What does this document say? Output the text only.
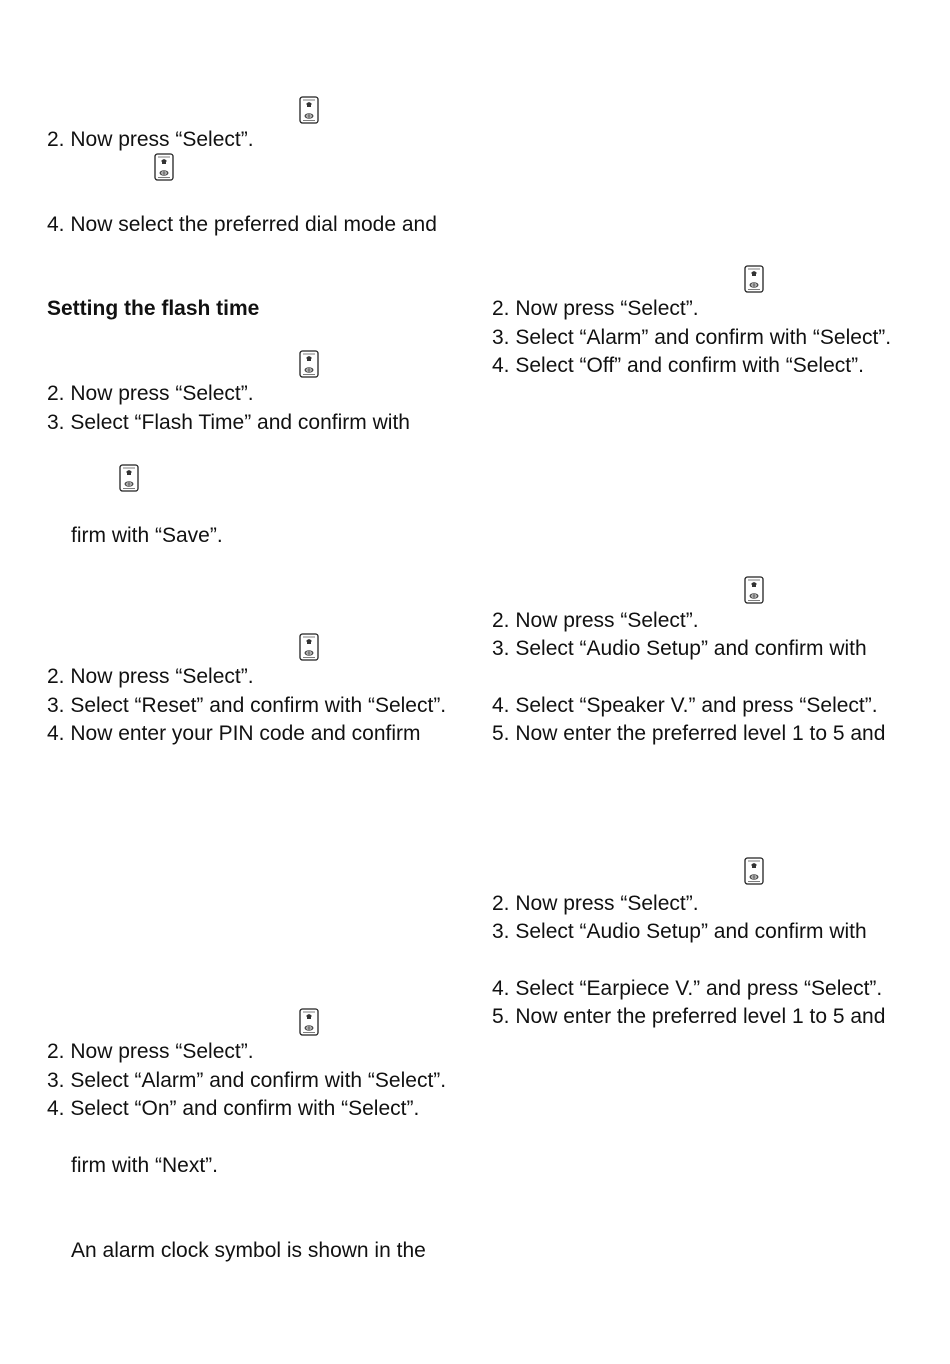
2. Now press “Select”.
4. Now select the preferred dial mode and
Setting the flash time
2. Now press “Select”.
3. Select “Flash Time” and confirm with
firm with “Save”.
2. Now press “Select”.
3. Select “Reset” and confirm with “Select”.
4. Now enter your PIN code and confirm
2. Now press “Select”.
3. Select “Alarm” and confirm with “Select”.
4. Select “On” and confirm with “Select”.
firm with “Next”.
An alarm clock symbol is shown in the
2. Now press “Select”.
3. Select “Alarm” and confirm with “Select”.
4. Select “Off” and confirm with “Select”.
2. Now press “Select”.
3. Select “Audio Setup” and confirm with
4. Select “Speaker V.” and press “Select”.
5. Now enter the preferred level 1 to 5 and
2. Now press “Select”.
3. Select “Audio Setup” and confirm with
4. Select “Earpiece V.” and press “Select”.
5. Now enter the preferred level 1 to 5 and
